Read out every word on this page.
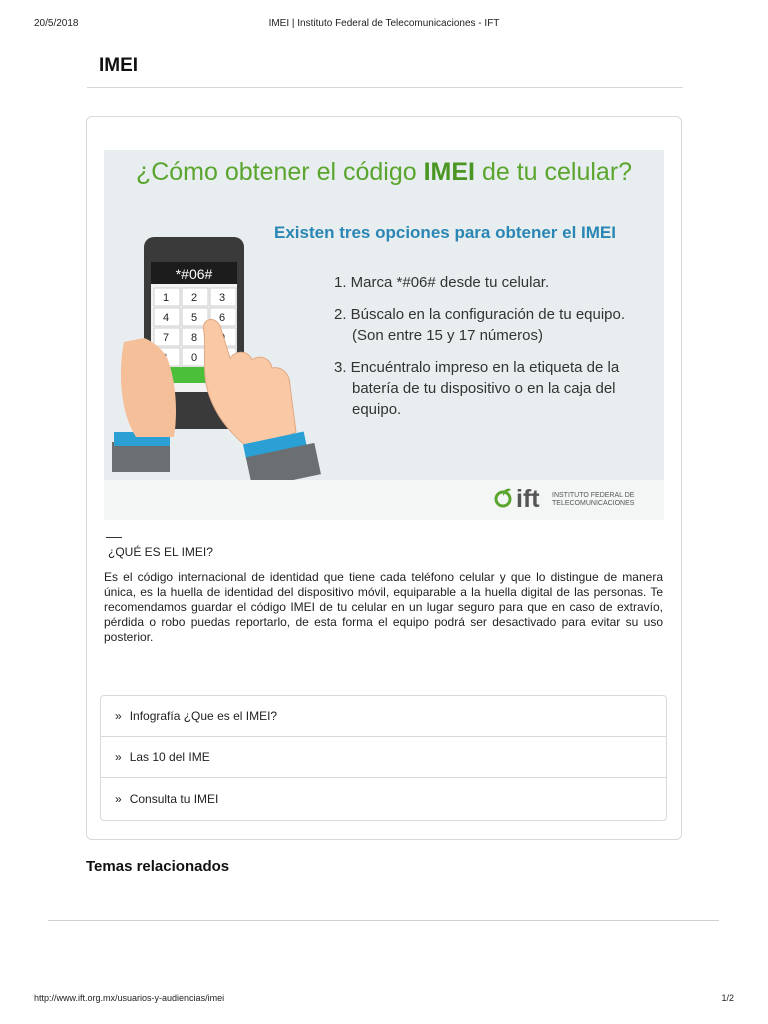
20/5/2018	IMEI | Instituto Federal de Telecomunicaciones - IFT
IMEI
¿Cómo obtener el código IMEI de tu celular?
Existen tres opciones para obtener el IMEI
*#06#
1 2 3
4 5 6
7 8
0
1. Marca *#06# desde tu celular.
2. Búscalo en la configuración de tu equipo. (Son entre 15 y 17 números)
3. Encuéntralo impreso en la etiqueta de la batería de tu dispositivo o en la caja del equipo.
ift INSTITUTO FEDERAL DE
TELECOMUNICACIONES
¿QUÉ ES EL IMEI?
Es el código internacional de identidad que tiene cada teléfono celular y que lo distingue de manera única, es la huella de identidad del dispositivo móvil, equiparable a la huella digital de las personas. Te recomendamos guardar el código IMEI de tu celular en un lugar seguro para que en caso de extravío, pérdida o robo puedas reportarlo, de esta forma el equipo podrá ser desactivado para evitar su uso posterior.
» Infografía ¿Que es el IMEI?
» Las 10 del IME
» Consulta tu IMEI
Temas relacionados
http://www.ift.org.mx/usuarios-y-audiencias/imei	1/2
